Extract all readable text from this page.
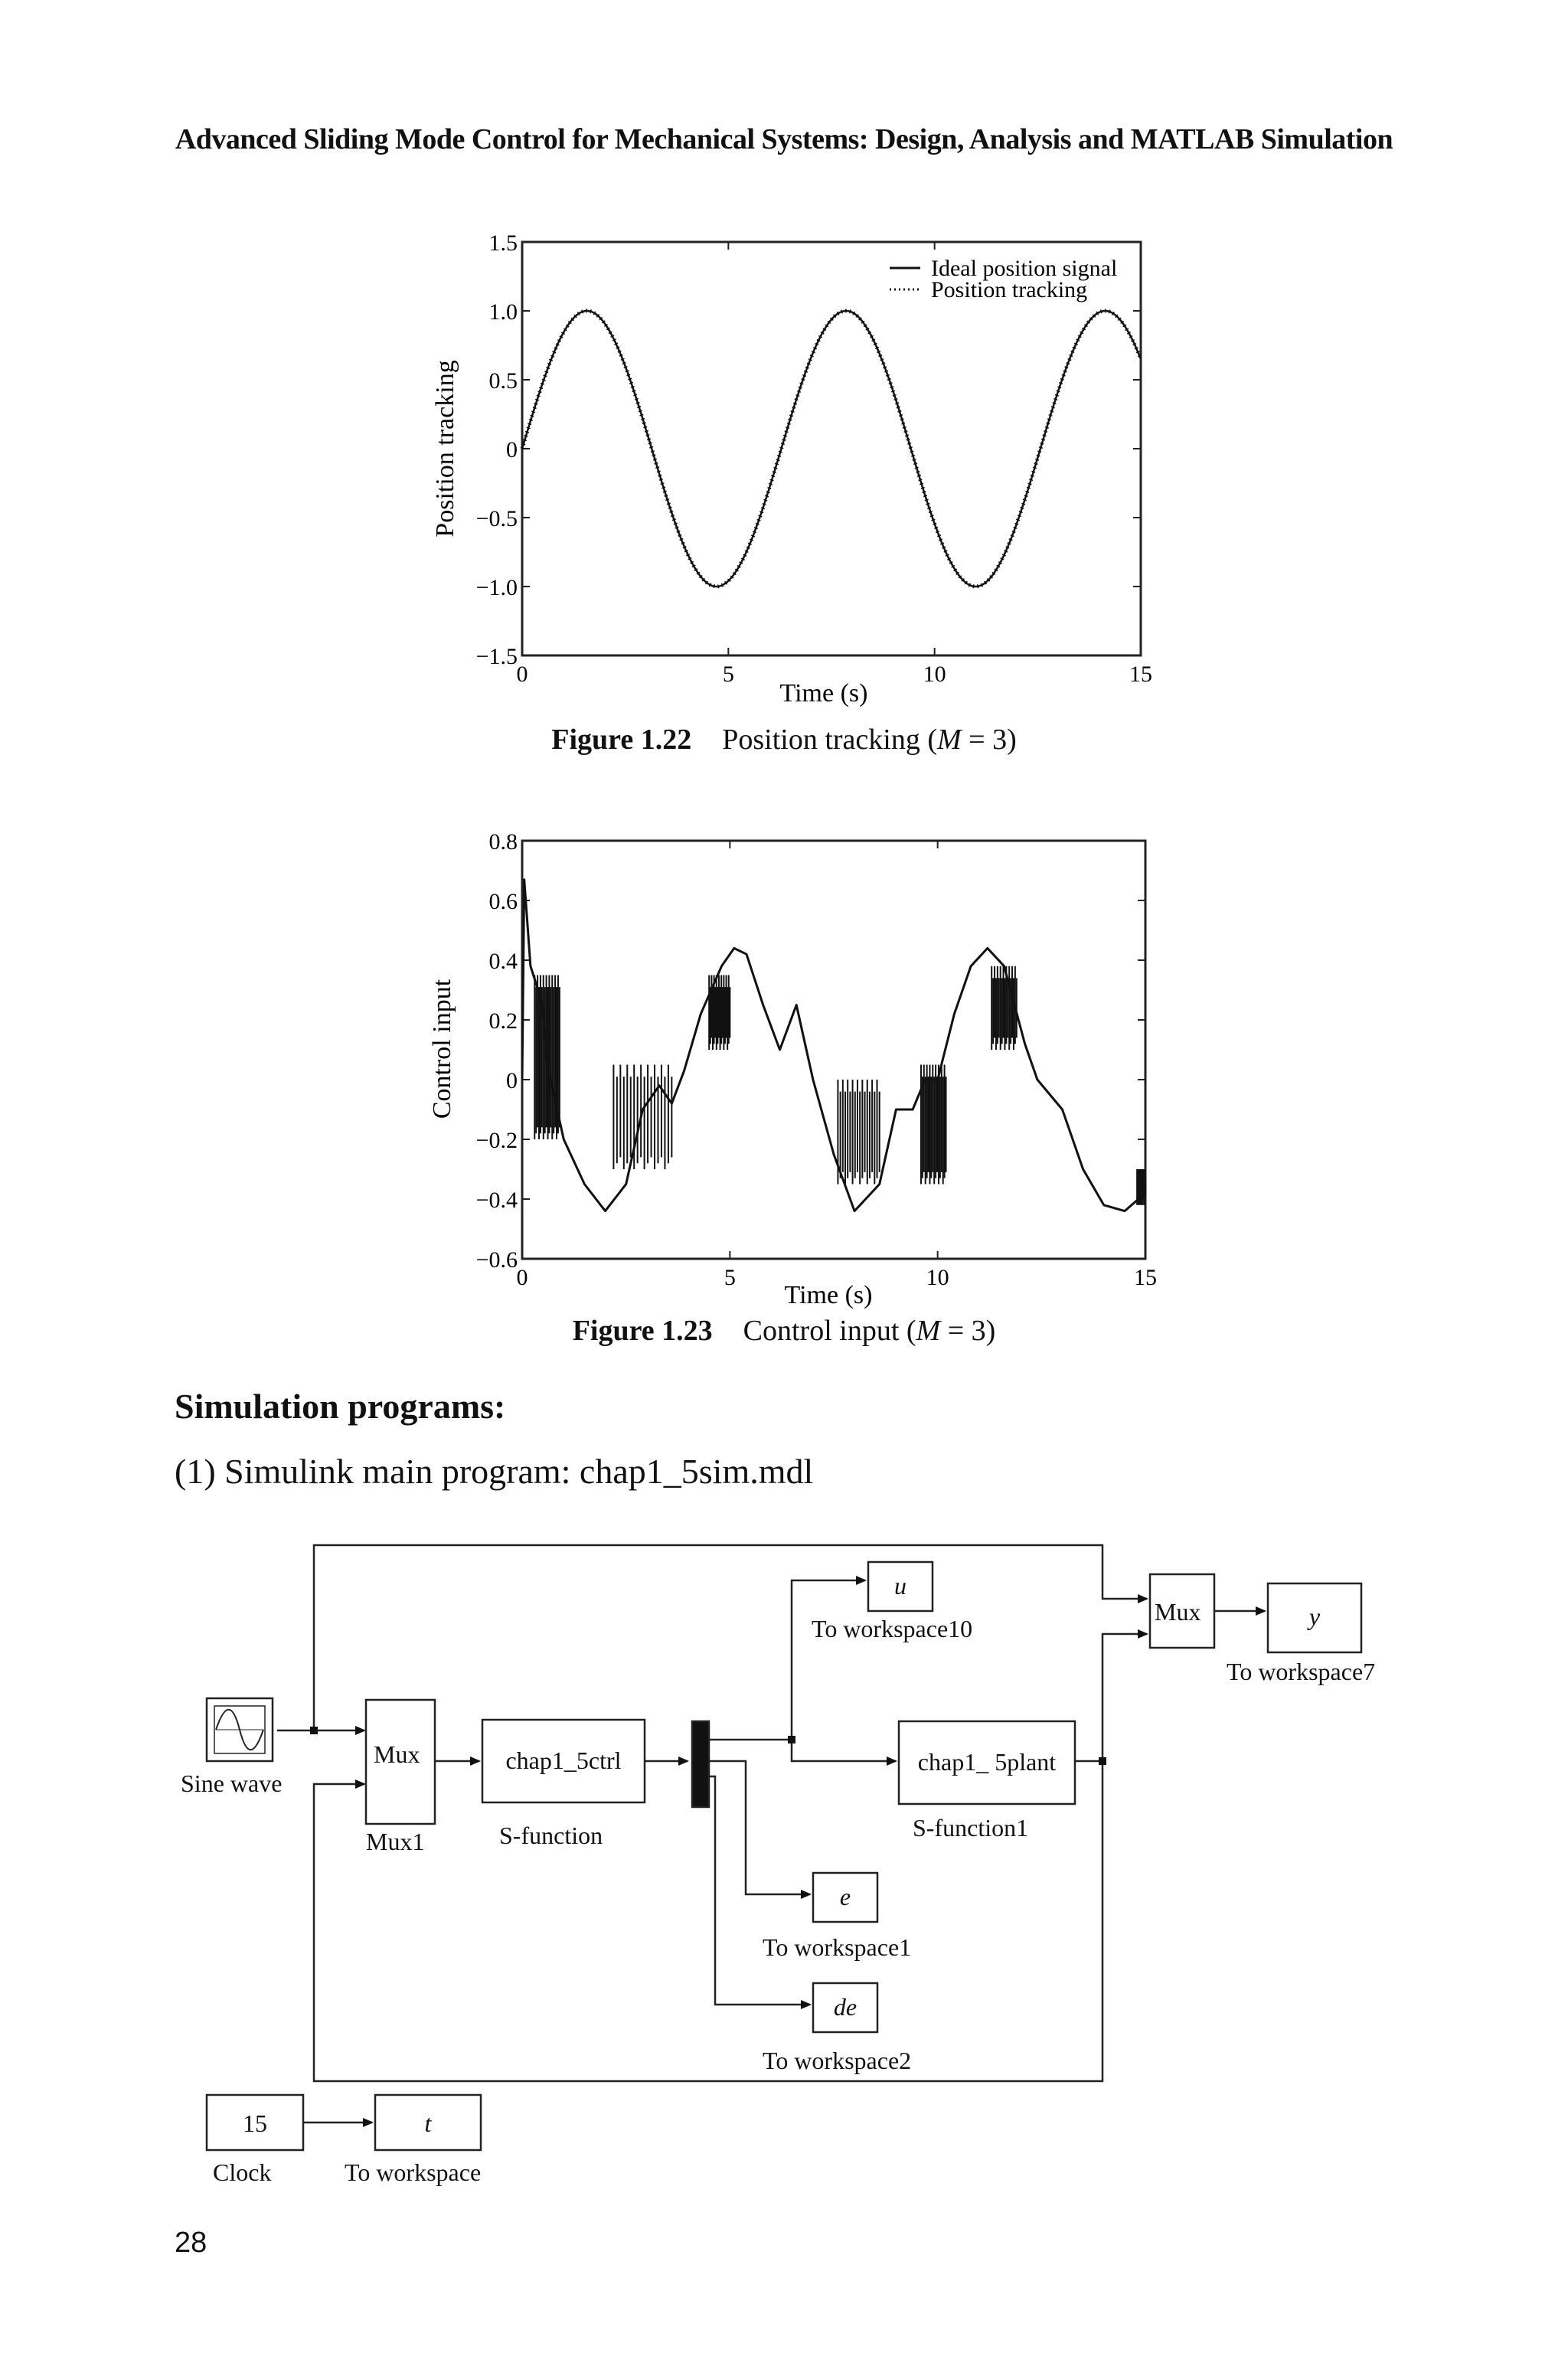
Advanced Sliding Mode Control for Mechanical Systems: Design, Analysis and MATLAB Simulation
1.5
1.0
0.5
0
−0.5
−1.0
−1.5
0	5	10	15
Position tracking
Time (s)
Ideal position signal
Position tracking
Figure 1.22 Position tracking (M = 3)
0.8
0.6
0.4
0.2
0
−0.2
−0.4
−0.6
0	5	10	15
Control input
Time (s)
Figure 1.23 Control input (M = 3)
Simulation programs:
(1) Simulink main program: chap1_5sim.mdl
Sine wave
Mux
Mux1
chap1_5ctrl
S-function
u
To workspace10
chap1_ 5plant
S-function1
e
To workspace1
de
To workspace2
Mux	y
To workspace7
15
Clock
t
To workspace
28
